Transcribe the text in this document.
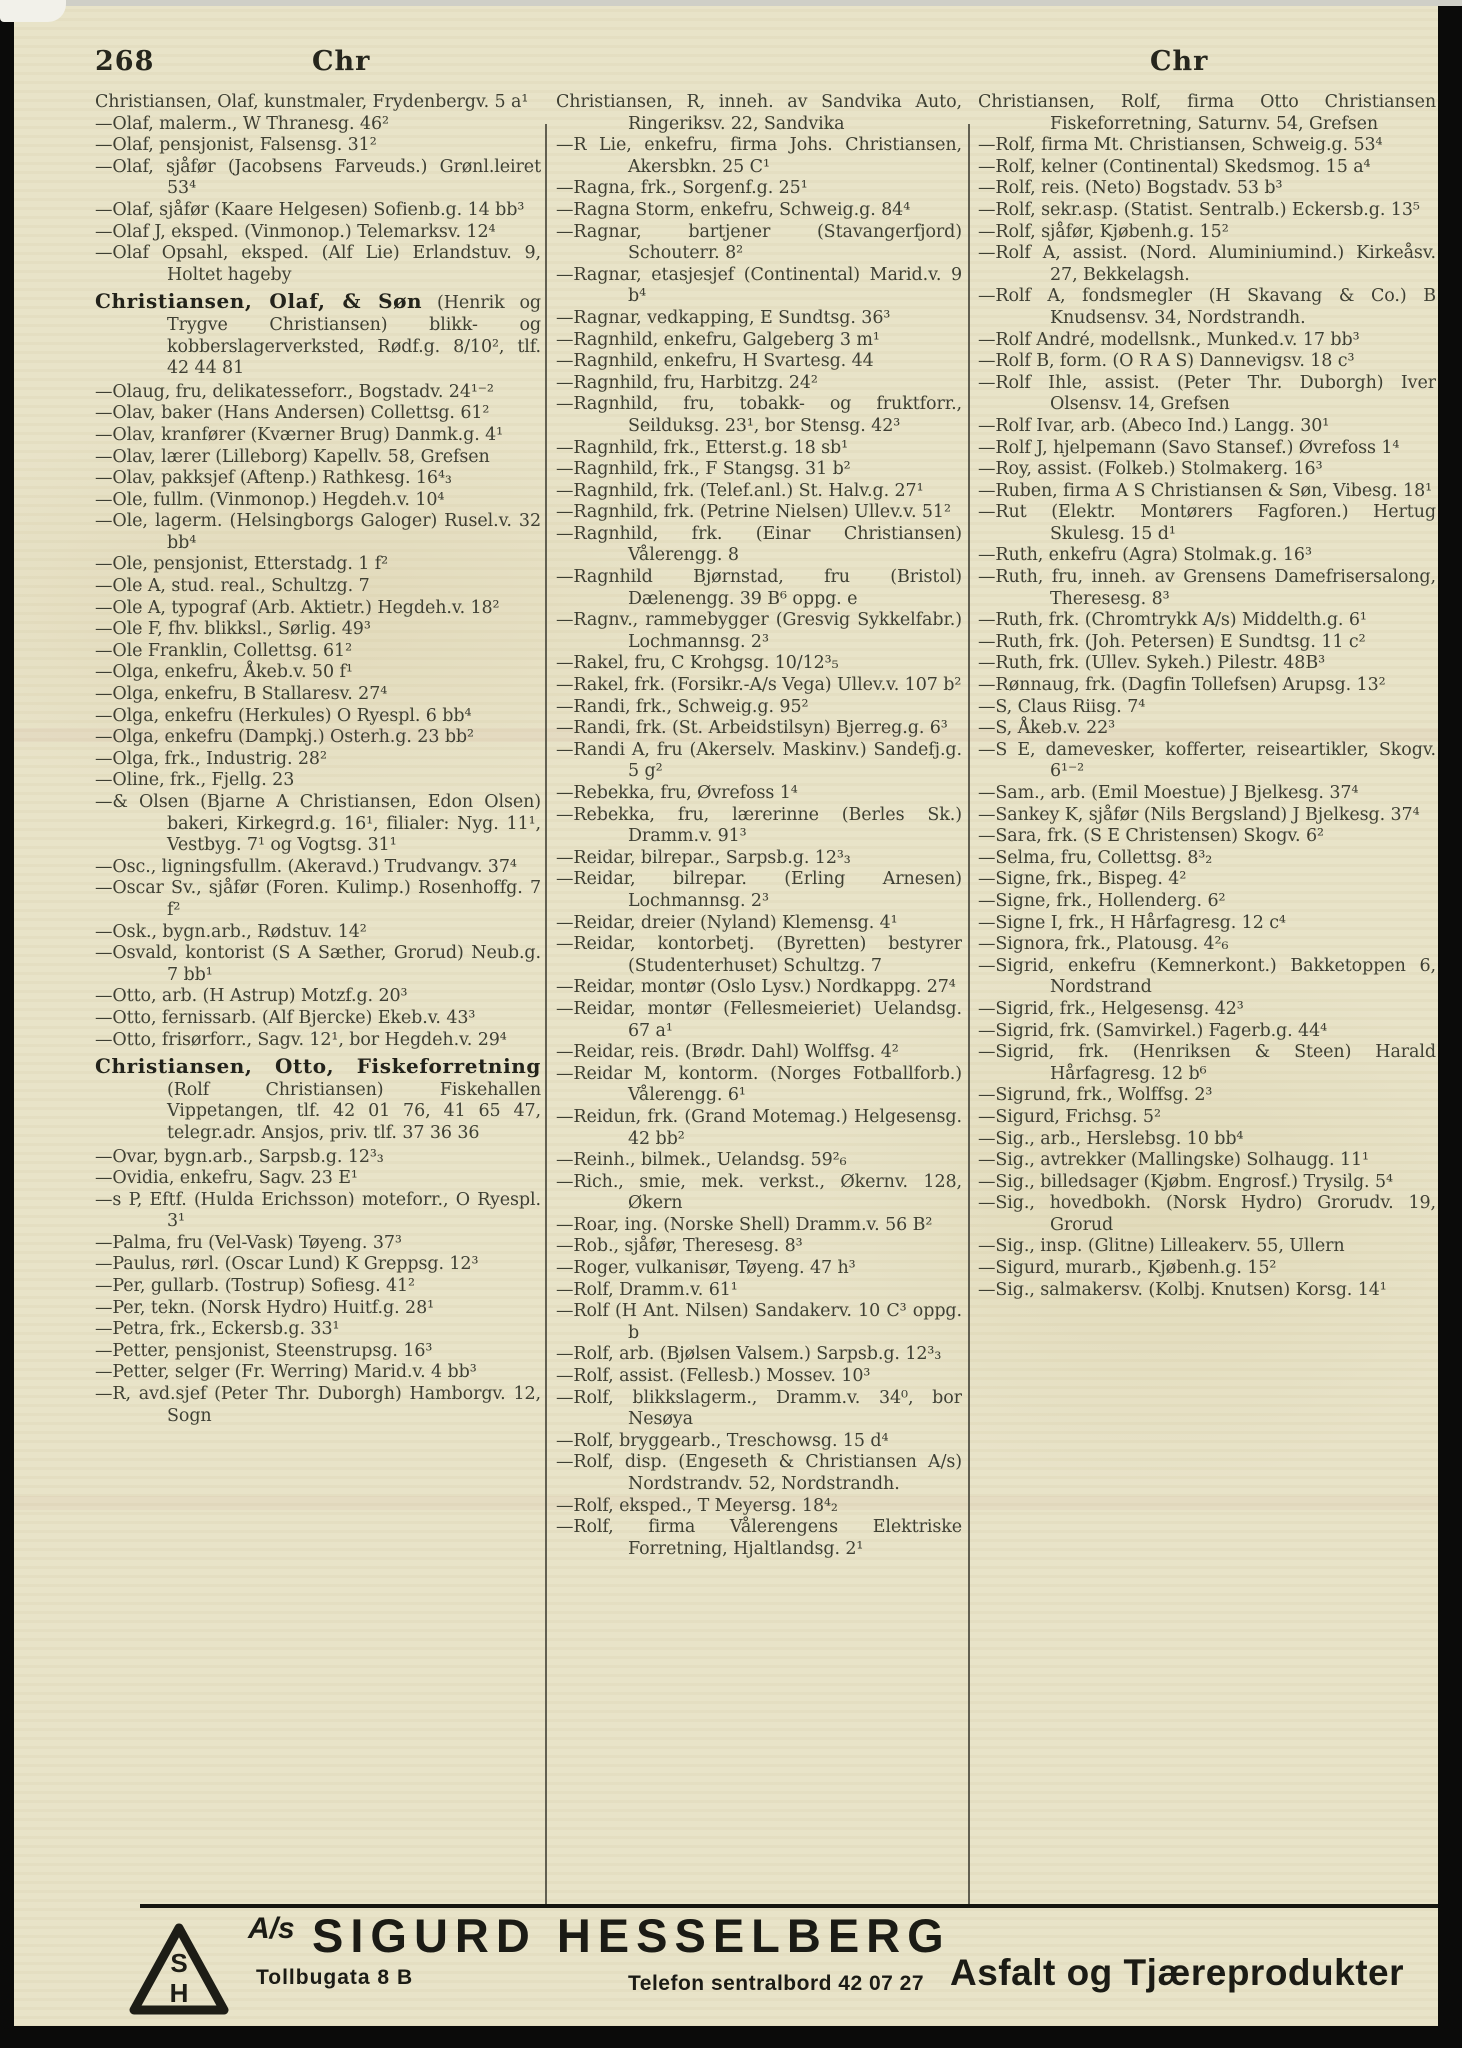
268	Chr	Chr

Christiansen, Olaf, kunstmaler, Frydenbergv. 5 a¹

—Olaf, malerm., W Thranesg. 46²

—Olaf, pensjonist, Falsensg. 31²

—Olaf, sjåfør (Jacobsens Farveuds.) Grønl.leiret 53⁴

—Olaf, sjåfør (Kaare Helgesen) Sofienb.g. 14 bb³

—Olaf J, eksped. (Vinmonop.) Telemarksv. 12⁴

—Olaf Opsahl, eksped. (Alf Lie) Erlandstuv. 9, Holtet hageby

Christiansen, Olaf, & Søn (Henrik og Trygve Christiansen) blikk- og kobberslagerverksted, Rødf.g. 8/10², tlf. 42 44 81

—Olaug, fru, delikatesseforr., Bogstadv. 24¹⁻²

—Olav, baker (Hans Andersen) Collettsg. 61²

—Olav, kranfører (Kværner Brug) Danmk.g. 4¹

—Olav, lærer (Lilleborg) Kapellv. 58, Grefsen

—Olav, pakksjef (Aftenp.) Rathkesg. 16⁴₃

—Ole, fullm. (Vinmonop.) Hegdeh.v. 10⁴

—Ole, lagerm. (Helsingborgs Galoger) Rusel.v. 32 bb⁴

—Ole, pensjonist, Etterstadg. 1 f²

—Ole A, stud. real., Schultzg. 7

—Ole A, typograf (Arb. Aktietr.) Hegdeh.v. 18²

—Ole F, fhv. blikksl., Sørlig. 49³

—Ole Franklin, Collettsg. 61²

—Olga, enkefru, Åkeb.v. 50 f¹

—Olga, enkefru, B Stallaresv. 27⁴

—Olga, enkefru (Herkules) O Ryespl. 6 bb⁴

—Olga, enkefru (Dampkj.) Osterh.g. 23 bb²

—Olga, frk., Industrig. 28²

—Oline, frk., Fjellg. 23

—& Olsen (Bjarne A Christiansen, Edon Olsen) bakeri, Kirkegrd.g. 16¹, filialer: Nyg. 11¹, Vestbyg. 7¹ og Vogtsg. 31¹

—Osc., ligningsfullm. (Akeravd.) Trudvangv. 37⁴

—Oscar Sv., sjåfør (Foren. Kulimp.) Rosenhoffg. 7 f²

—Osk., bygn.arb., Rødstuv. 14²

—Osvald, kontorist (S A Sæther, Grorud) Neub.g. 7 bb¹

—Otto, arb. (H Astrup) Motzf.g. 20³

—Otto, fernissarb. (Alf Bjercke) Ekeb.v. 43³

—Otto, frisørforr., Sagv. 12¹, bor Hegdeh.v. 29⁴

Christiansen, Otto, Fiskeforretning (Rolf Christiansen) Fiskehallen Vippetangen, tlf. 42 01 76, 41 65 47, telegr.adr. Ansjos, priv. tlf. 37 36 36

—Ovar, bygn.arb., Sarpsb.g. 12³₃

—Ovidia, enkefru, Sagv. 23 E¹

—s P, Eftf. (Hulda Erichsson) moteforr., O Ryespl. 3¹

—Palma, fru (Vel-Vask) Tøyeng. 37³

—Paulus, rørl. (Oscar Lund) K Greppsg. 12³

—Per, gullarb. (Tostrup) Sofiesg. 41²

—Per, tekn. (Norsk Hydro) Huitf.g. 28¹

—Petra, frk., Eckersb.g. 33¹

—Petter, pensjonist, Steenstrupsg. 16³

—Petter, selger (Fr. Werring) Marid.v. 4 bb³

—R, avd.sjef (Peter Thr. Duborgh) Hamborgv. 12, Sogn

Christiansen, R, inneh. av Sandvika Auto, Ringeriksv. 22, Sandvika

—R Lie, enkefru, firma Johs. Christiansen, Akersbkn. 25 C¹

—Ragna, frk., Sorgenf.g. 25¹

—Ragna Storm, enkefru, Schweig.g. 84⁴

—Ragnar, bartjener (Stavangerfjord) Schouterr. 8²

—Ragnar, etasjesjef (Continental) Marid.v. 9 b⁴

—Ragnar, vedkapping, E Sundtsg. 36³

—Ragnhild, enkefru, Galgeberg 3 m¹

—Ragnhild, enkefru, H Svartesg. 44

—Ragnhild, fru, Harbitzg. 24²

—Ragnhild, fru, tobakk- og fruktforr., Seilduksg. 23¹, bor Stensg. 42³

—Ragnhild, frk., Etterst.g. 18 sb¹

—Ragnhild, frk., F Stangsg. 31 b²

—Ragnhild, frk. (Telef.anl.) St. Halv.g. 27¹

—Ragnhild, frk. (Petrine Nielsen) Ullev.v. 51²

—Ragnhild, frk. (Einar Christiansen) Vålerengg. 8

—Ragnhild Bjørnstad, fru (Bristol) Dælenengg. 39 B⁶ oppg. e

—Ragnv., rammebygger (Gresvig Sykkelfabr.) Lochmannsg. 2³

—Rakel, fru, C Krohgsg. 10/12³₅

—Rakel, frk. (Forsikr.-A/s Vega) Ullev.v. 107 b²

—Randi, frk., Schweig.g. 95²

—Randi, frk. (St. Arbeidstilsyn) Bjerreg.g. 6³

—Randi A, fru (Akerselv. Maskinv.) Sandefj.g. 5 g²

—Rebekka, fru, Øvrefoss 1⁴

—Rebekka, fru, lærerinne (Berles Sk.) Dramm.v. 91³

—Reidar, bilrepar., Sarpsb.g. 12³₃

—Reidar, bilrepar. (Erling Arnesen) Lochmannsg. 2³

—Reidar, dreier (Nyland) Klemensg. 4¹

—Reidar, kontorbetj. (Byretten) bestyrer (Studenterhuset) Schultzg. 7

—Reidar, montør (Oslo Lysv.) Nordkappg. 27⁴

—Reidar, montør (Fellesmeieriet) Uelandsg. 67 a¹

—Reidar, reis. (Brødr. Dahl) Wolffsg. 4²

—Reidar M, kontorm. (Norges Fotballforb.) Vålerengg. 6¹

—Reidun, frk. (Grand Motemag.) Helgesensg. 42 bb²

—Reinh., bilmek., Uelandsg. 59²₆

—Rich., smie, mek. verkst., Økernv. 128, Økern

—Roar, ing. (Norske Shell) Dramm.v. 56 B²

—Rob., sjåfør, Theresesg. 8³

—Roger, vulkanisør, Tøyeng. 47 h³

—Rolf, Dramm.v. 61¹

—Rolf (H Ant. Nilsen) Sandakerv. 10 C³ oppg. b

—Rolf, arb. (Bjølsen Valsem.) Sarpsb.g. 12³₃

—Rolf, assist. (Fellesb.) Mossev. 10³

—Rolf, blikkslagerm., Dramm.v. 34⁰, bor Nesøya

—Rolf, bryggearb., Treschowsg. 15 d⁴

—Rolf, disp. (Engeseth & Christiansen A/s) Nordstrandv. 52, Nordstrandh.

—Rolf, eksped., T Meyersg. 18⁴₂

—Rolf, firma Vålerengens Elektriske Forretning, Hjaltlandsg. 2¹

Christiansen, Rolf, firma Otto Christiansen Fiskeforretning, Saturnv. 54, Grefsen

—Rolf, firma Mt. Christiansen, Schweig.g. 53⁴

—Rolf, kelner (Continental) Skedsmog. 15 a⁴

—Rolf, reis. (Neto) Bogstadv. 53 b³

—Rolf, sekr.asp. (Statist. Sentralb.) Eckersb.g. 13⁵

—Rolf, sjåfør, Kjøbenh.g. 15²

—Rolf A, assist. (Nord. Aluminiumind.) Kirkeåsv. 27, Bekkelagsh.

—Rolf A, fondsmegler (H Skavang & Co.) B Knudsensv. 34, Nordstrandh.

—Rolf André, modellsnk., Munked.v. 17 bb³

—Rolf B, form. (O R A S) Dannevigsv. 18 c³

—Rolf Ihle, assist. (Peter Thr. Duborgh) Iver Olsensv. 14, Grefsen

—Rolf Ivar, arb. (Abeco Ind.) Langg. 30¹

—Rolf J, hjelpemann (Savo Stansef.) Øvrefoss 1⁴

—Roy, assist. (Folkeb.) Stolmakerg. 16³

—Ruben, firma A S Christiansen & Søn, Vibesg. 18¹

—Rut (Elektr. Montørers Fagforen.) Hertug Skulesg. 15 d¹

—Ruth, enkefru (Agra) Stolmak.g. 16³

—Ruth, fru, inneh. av Grensens Damefrisersalong, Theresesg. 8³

—Ruth, frk. (Chromtrykk A/s) Middelth.g. 6¹

—Ruth, frk. (Joh. Petersen) E Sundtsg. 11 c²

—Ruth, frk. (Ullev. Sykeh.) Pilestr. 48B³

—Rønnaug, frk. (Dagfin Tollefsen) Arupsg. 13²

—S, Claus Riisg. 7⁴

—S, Åkeb.v. 22³

—S E, damevesker, kofferter, reiseartikler, Skogv. 6¹⁻²

—Sam., arb. (Emil Moestue) J Bjelkesg. 37⁴

—Sankey K, sjåfør (Nils Bergsland) J Bjelkesg. 37⁴

—Sara, frk. (S E Christensen) Skogv. 6²

—Selma, fru, Collettsg. 8³₂

—Signe, frk., Bispeg. 4²

—Signe, frk., Hollenderg. 6²

—Signe I, frk., H Hårfagresg. 12 c⁴

—Signora, frk., Platousg. 4²₆

—Sigrid, enkefru (Kemnerkont.) Bakketoppen 6, Nordstrand

—Sigrid, frk., Helgesensg. 42³

—Sigrid, frk. (Samvirkel.) Fagerb.g. 44⁴

—Sigrid, frk. (Henriksen & Steen) Harald Hårfagresg. 12 b⁶

—Sigrund, frk., Wolffsg. 2³

—Sigurd, Frichsg. 5²

—Sig., arb., Herslebsg. 10 bb⁴

—Sig., avtrekker (Mallingske) Solhaugg. 11¹

—Sig., billedsager (Kjøbm. Engrosf.) Trysilg. 5⁴

—Sig., hovedbokh. (Norsk Hydro) Grorudv. 19, Grorud

—Sig., insp. (Glitne) Lilleakerv. 55, Ullern

—Sigurd, murarb., Kjøbenh.g. 15²

—Sig., salmakersv. (Kolbj. Knutsen) Korsg. 14¹

S
H
A/s SIGURD HESSELBERG
Tollbugata 8 B	Telefon sentralbord 42 07 27 Asfalt og Tjæreprodukter
